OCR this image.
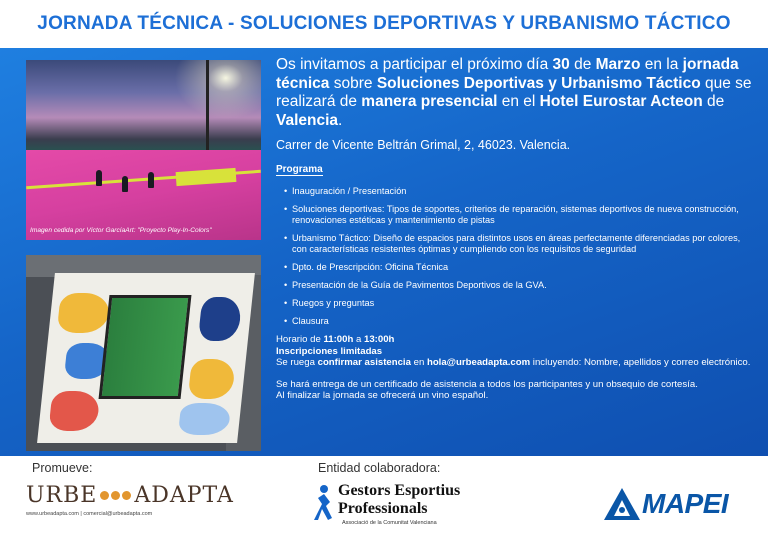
JORNADA TÉCNICA - SOLUCIONES DEPORTIVAS Y URBANISMO TÁCTICO
Imagen cedida por Víctor GarcíaArt: "Proyecto Play-In-Colors"

Os invitamos a participar el próximo día 30 de Marzo en la jornada técnica sobre Soluciones Deportivas y Urbanismo Táctico que se realizará de manera presencial en el Hotel Eurostar Acteon de Valencia.

Carrer de Vicente Beltrán Grimal, 2, 46023. Valencia.

Programa
• Inauguración / Presentación
• Soluciones deportivas: Tipos de soportes, criterios de reparación, sistemas deportivos de nueva construcción, renovaciones estéticas y mantenimiento de pistas
• Urbanismo Táctico: Diseño de espacios para distintos usos en áreas perfectamente diferenciadas por colores, con características resistentes óptimas y cumpliendo con los requisitos de seguridad
• Dpto. de Prescripción: Oficina Técnica
• Presentación de la Guía de Pavimentos Deportivos de la GVA.
• Ruegos y preguntas
• Clausura
Horario de 11:00h a 13:00h
Inscripciones limitadas
Se ruega confirmar asistencia en hola@urbeadapta.com incluyendo: Nombre, apellidos y correo electrónico.
Se hará entrega de un certificado de asistencia a todos los participantes y un obsequio de cortesía.
Al finalizar la jornada se ofrecerá un vino español.
Promueve:	Entidad colaboradora:
URBE ADAPTA
www.urbeadapta.com | comercial@urbeadapta.com
Gestors Esportius
Professionals
Associació de la Comunitat Valenciana
MAPEI
